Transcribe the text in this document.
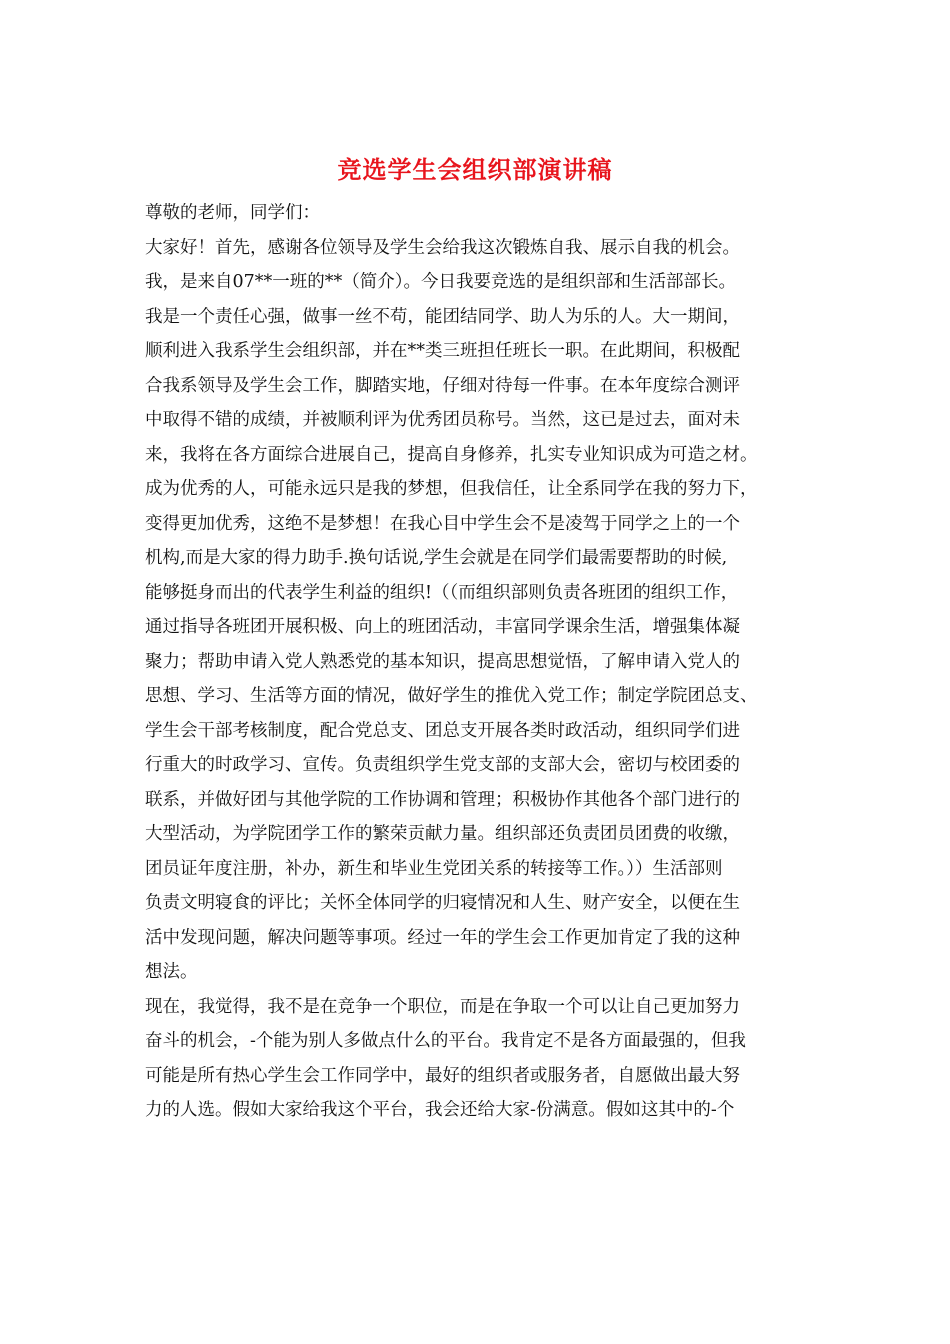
竞选学生会组织部演讲稿
尊敬的老师，同学们：
大家好！首先，感谢各位领导及学生会给我这次锻炼自我、展示自我的机会。
我，是来自07**一班的**（简介）。今日我要竞选的是组织部和生活部部长。
我是一个责任心强，做事一丝不苟，能团结同学、助人为乐的人。大一期间，
顺利进入我系学生会组织部，并在**类三班担任班长一职。在此期间，积极配
合我系领导及学生会工作，脚踏实地，仔细对待每一件事。在本年度综合测评
中取得不错的成绩，并被顺利评为优秀团员称号。当然，这已是过去，面对未
来，我将在各方面综合进展自己，提高自身修养，扎实专业知识成为可造之材。
成为优秀的人，可能永远只是我的梦想，但我信任，让全系同学在我的努力下，
变得更加优秀，这绝不是梦想！在我心目中学生会不是凌驾于同学之上的一个
机构,而是大家的得力助手.换句话说,学生会就是在同学们最需要帮助的时候,
能够挺身而出的代表学生利益的组织!（（而组织部则负责各班团的组织工作，
通过指导各班团开展积极、向上的班团活动，丰富同学课余生活，增强集体凝
聚力；帮助申请入党人熟悉党的基本知识，提高思想觉悟，了解申请入党人的
思想、学习、生活等方面的情况，做好学生的推优入党工作；制定学院团总支、
学生会干部考核制度，配合党总支、团总支开展各类时政活动，组织同学们进
行重大的时政学习、宣传。负责组织学生党支部的支部大会，密切与校团委的
联系，并做好团与其他学院的工作协调和管理；积极协作其他各个部门进行的
大型活动，为学院团学工作的繁荣贡献力量。组织部还负责团员团费的收缴，
团员证年度注册，补办，新生和毕业生党团关系的转接等工作。））生活部则
负责文明寝食的评比；关怀全体同学的归寝情况和人生、财产安全，以便在生
活中发现问题，解决问题等事项。经过一年的学生会工作更加肯定了我的这种
想法。
现在，我觉得，我不是在竞争一个职位，而是在争取一个可以让自己更加努力
奋斗的机会，-个能为别人多做点什么的平台。我肯定不是各方面最强的，但我
可能是所有热心学生会工作同学中，最好的组织者或服务者，自愿做出最大努
力的人选。假如大家给我这个平台，我会还给大家-份满意。假如这其中的-个
